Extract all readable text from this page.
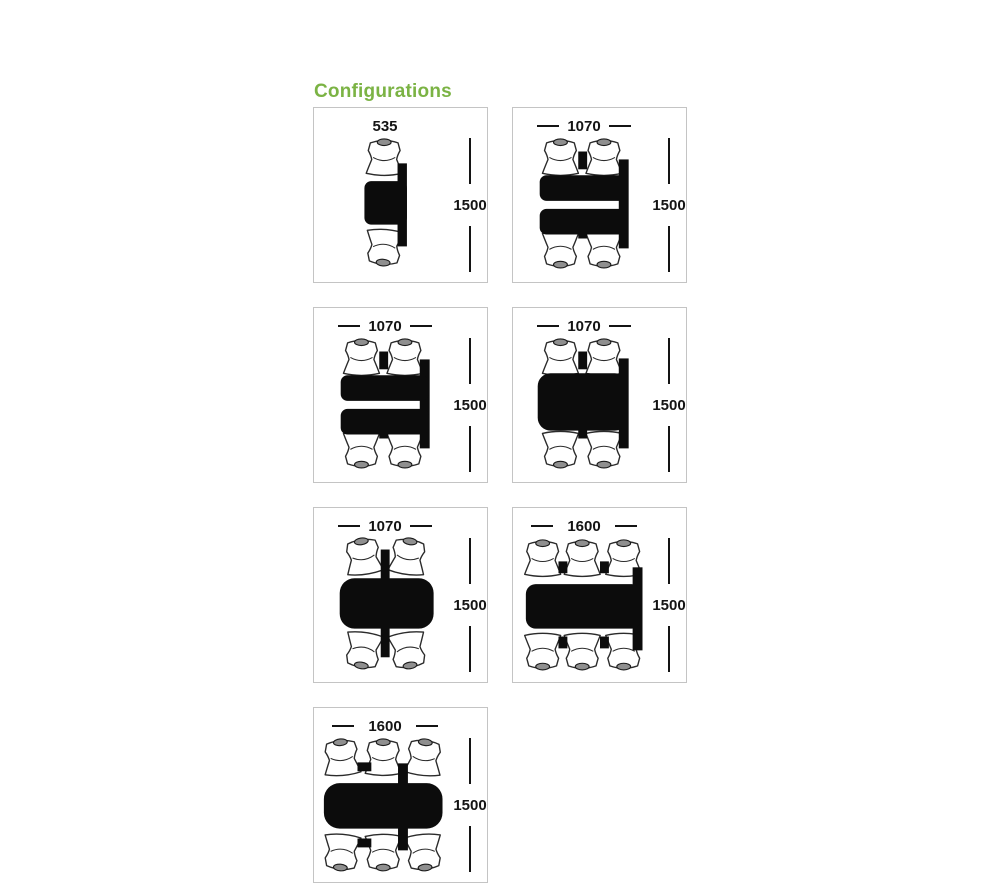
Configurations
535
1500
1070
1500
1070
1500
1070
1500
1070
1500
1600
1500
1600
1500
